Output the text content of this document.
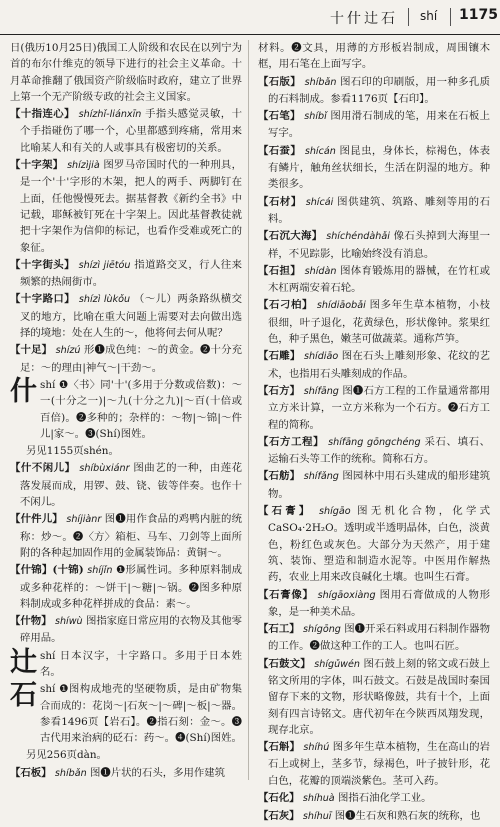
十什辻石 shí 1175
日(俄历10月25日)俄国工人阶级和农民在以列宁为首的布尔什维克的领导下进行的社会主义革命。十月革命推翻了俄国资产阶级临时政府，建立了世界上第一个无产阶级专政的社会主义国家。
【十指连心】 shízhǐ-liánxīn 手指头感觉灵敏，十个手指碰伤了哪一个，心里都感到疼痛，常用来比喻某人和有关的人或事具有极密切的关系。
【十字架】 shízìjià 图罗马帝国时代的一种刑具，是一个'十'字形的木架，把人的两手、两脚钉在上面，任他慢慢死去。据基督教《新约全书》中记载，耶稣被钉死在十字架上。因此基督教徒就把十字架作为信仰的标记，也看作受难或死亡的象征。
【十字街头】 shízì jiētóu 指道路交叉，行人往来频繁的热闹街市。
【十字路口】 shízì lùkǒu （～儿）两条路纵横交叉的地方，比喻在重大问题上需要对去向做出选择的境地：处在人生的～，他将何去何从呢？
【十足】 shízú 形❶成色纯：～的黄金。❷十分充足：～的理由|神气～|干劲～。
什 shí ❶〈书〉同'十'(多用于分数或倍数)：～一(十分之一)|～九(十分之九)|～百(十倍或百倍)。❷多种的；杂样的：～物|～锦|～件儿|家～。❸(Shí)图姓。
另见1155页shén。
【什不闲儿】 shíbùxiánr 图曲艺的一种，由莲花落发展而成，用锣、鼓、铙、钹等伴奏。也作十不闲儿。
【什件儿】 shíjiànr 图❶用作食品的鸡鸭内脏的统称：炒～。❷〈方〉箱柜、马车、刀剑等上面所附的各种起加固作用的金属装饰品：黄铜～。
【什锦】(十锦) shíjǐn ❶形属性词。多种原料制成或多种花样的：～饼干|～糖|～锅。❷图多种原料制成或多种花样拼成的食品：素～。
【什物】 shíwù 图指家庭日常应用的衣物及其他零碎用品。
辻 shí 日本汉字，十字路口。多用于日本姓名。
石 shí ❶图构成地壳的坚硬物质，是由矿物集合而成的：花岗～|石灰～|～碑|～板|～器。参看1496页【岩石】。❷指石刻：金～。❸古代用来治病的砭石：药～。❹(Shí)图姓。
另见256页dàn。
【石板】 shíbǎn 图❶片状的石头，多用作建筑
材料。❷文具，用薄的方形板岩制成，周围镶木框，用石笔在上面写字。
【石版】 shíbǎn 图石印的印刷版，用一种多孔质的石料制成。参看1176页【石印】。
【石笔】 shíbǐ 图用滑石制成的笔，用来在石板上写字。
【石蚕】 shícán 图昆虫，身体长，棕褐色，体表有鳞片，触角丝状细长，生活在阴湿的地方。种类很多。
【石材】 shícái 图供建筑、筑路、雕刻等用的石料。
【石沉大海】 shíchéndàhǎi 像石头掉到大海里一样，不见踪影，比喻始终没有消息。
【石担】 shídàn 图体育锻炼用的器械，在竹杠或木杠两端安着石轮。
【石刁柏】 shídiāobǎi 图多年生草本植物，小枝很细，叶子退化，花黄绿色，形状像钟。浆果红色，种子黑色，嫩茎可做蔬菜。通称芦笋。
【石雕】 shídiāo 图在石头上雕刻形象、花纹的艺术，也指用石头雕刻成的作品。
【石方】 shífāng 图❶石方工程的工作量通常都用立方米计算，一立方米称为一个石方。❷石方工程的简称。
【石方工程】 shífāng gōngchéng 采石、填石、运输石头等工作的统称。简称石方。
【石舫】 shífǎng 图园林中用石头建成的船形建筑物。
【石膏】 shígāo 图无机化合物，化学式CaSO₄·2H₂O。透明或半透明晶体，白色，淡黄色，粉红色或灰色。大部分为天然产，用于建筑、装饰、塑造和制造水泥等。中医用作解热药，农业上用来改良碱化土壤。也叫生石膏。
【石膏像】 shígāoxiàng 图用石膏做成的人物形象，是一种美术品。
【石工】 shígōng 图❶开采石料或用石料制作器物的工作。❷做这种工作的工人。也叫石匠。
【石鼓文】 shígǔwén 图石鼓上刻的铭文或石鼓上铭文所用的字体，叫石鼓文。石鼓是战国时秦国留存下来的文物，形状略像鼓，共有十个，上面刻有四言诗铭文。唐代初年在今陕西凤翔发现，现存北京。
【石斛】 shíhú 图多年生草本植物，生在高山的岩石上或树上，茎多节，绿褐色，叶子披针形，花白色，花瓣的顶端淡紫色。茎可入药。
【石化】 shíhuà 图指石油化学工业。
【石灰】 shíhuī 图❶生石灰和熟石灰的统称，也
